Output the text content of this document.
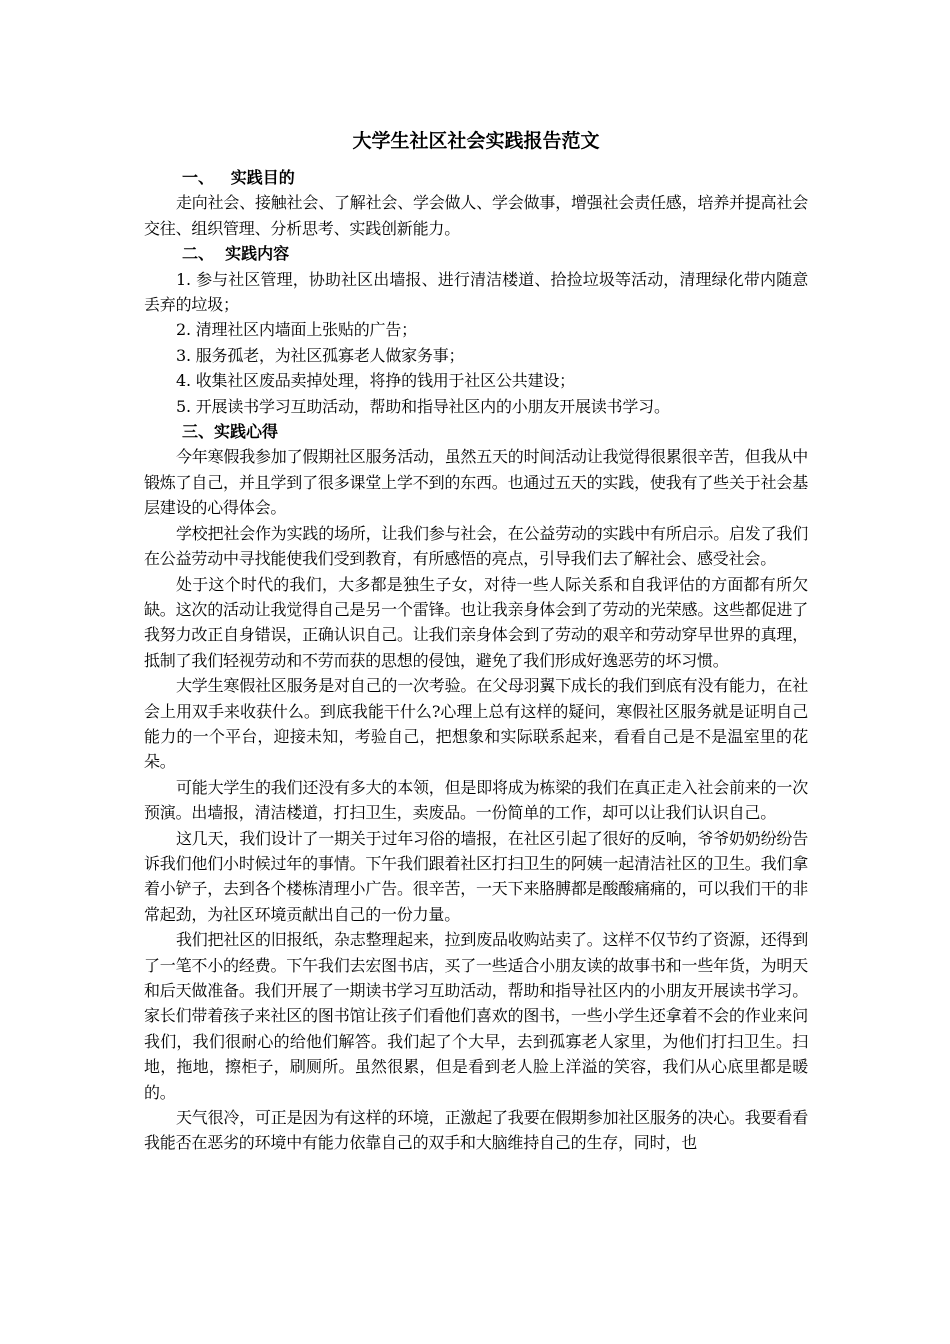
大学生社区社会实践报告范文
一、 实践目的

走向社会、接触社会、了解社会、学会做人、学会做事，增强社会责任感，培养并提高社会交往、组织管理、分析思考、实践创新能力。

二、 实践内容

1. 参与社区管理，协助社区出墙报、进行清洁楼道、拾捡垃圾等活动，清理绿化带内随意丢弃的垃圾；

2. 清理社区内墙面上张贴的广告；

3. 服务孤老，为社区孤寡老人做家务事；

4. 收集社区废品卖掉处理，将挣的钱用于社区公共建设；

5. 开展读书学习互助活动，帮助和指导社区内的小朋友开展读书学习。

三、实践心得

今年寒假我参加了假期社区服务活动，虽然五天的时间活动让我觉得很累很辛苦，但我从中锻炼了自己，并且学到了很多课堂上学不到的东西。也通过五天的实践，使我有了些关于社会基层建设的心得体会。

学校把社会作为实践的场所，让我们参与社会，在公益劳动的实践中有所启示。启发了我们在公益劳动中寻找能使我们受到教育，有所感悟的亮点，引导我们去了解社会、感受社会。

处于这个时代的我们，大多都是独生子女，对待一些人际关系和自我评估的方面都有所欠缺。这次的活动让我觉得自己是另一个雷锋。也让我亲身体会到了劳动的光荣感。这些都促进了我努力改正自身错误，正确认识自己。让我们亲身体会到了劳动的艰辛和劳动穿早世界的真理，抵制了我们轻视劳动和不劳而获的思想的侵蚀，避免了我们形成好逸恶劳的坏习惯。

大学生寒假社区服务是对自己的一次考验。在父母羽翼下成长的我们到底有没有能力，在社会上用双手来收获什么。到底我能干什么?心理上总有这样的疑问，寒假社区服务就是证明自己能力的一个平台，迎接未知，考验自己，把想象和实际联系起来，看看自己是不是温室里的花朵。

可能大学生的我们还没有多大的本领，但是即将成为栋梁的我们在真正走入社会前来的一次预演。出墙报，清洁楼道，打扫卫生，卖废品。一份简单的工作，却可以让我们认识自己。

这几天，我们设计了一期关于过年习俗的墙报，在社区引起了很好的反响，爷爷奶奶纷纷告诉我们他们小时候过年的事情。下午我们跟着社区打扫卫生的阿姨一起清洁社区的卫生。我们拿着小铲子，去到各个楼栋清理小广告。很辛苦，一天下来胳膊都是酸酸痛痛的，可以我们干的非常起劲，为社区环境贡献出自己的一份力量。

我们把社区的旧报纸，杂志整理起来，拉到废品收购站卖了。这样不仅节约了资源，还得到了一笔不小的经费。下午我们去宏图书店，买了一些适合小朋友读的故事书和一些年货，为明天和后天做准备。我们开展了一期读书学习互助活动，帮助和指导社区内的小朋友开展读书学习。家长们带着孩子来社区的图书馆让孩子们看他们喜欢的图书，一些小学生还拿着不会的作业来问我们，我们很耐心的给他们解答。我们起了个大早，去到孤寡老人家里，为他们打扫卫生。扫地，拖地，擦柜子，刷厕所。虽然很累，但是看到老人脸上洋溢的笑容，我们从心底里都是暖的。

天气很冷，可正是因为有这样的环境，正激起了我要在假期参加社区服务的决心。我要看看我能否在恶劣的环境中有能力依靠自己的双手和大脑维持自己的生存，同时，也
